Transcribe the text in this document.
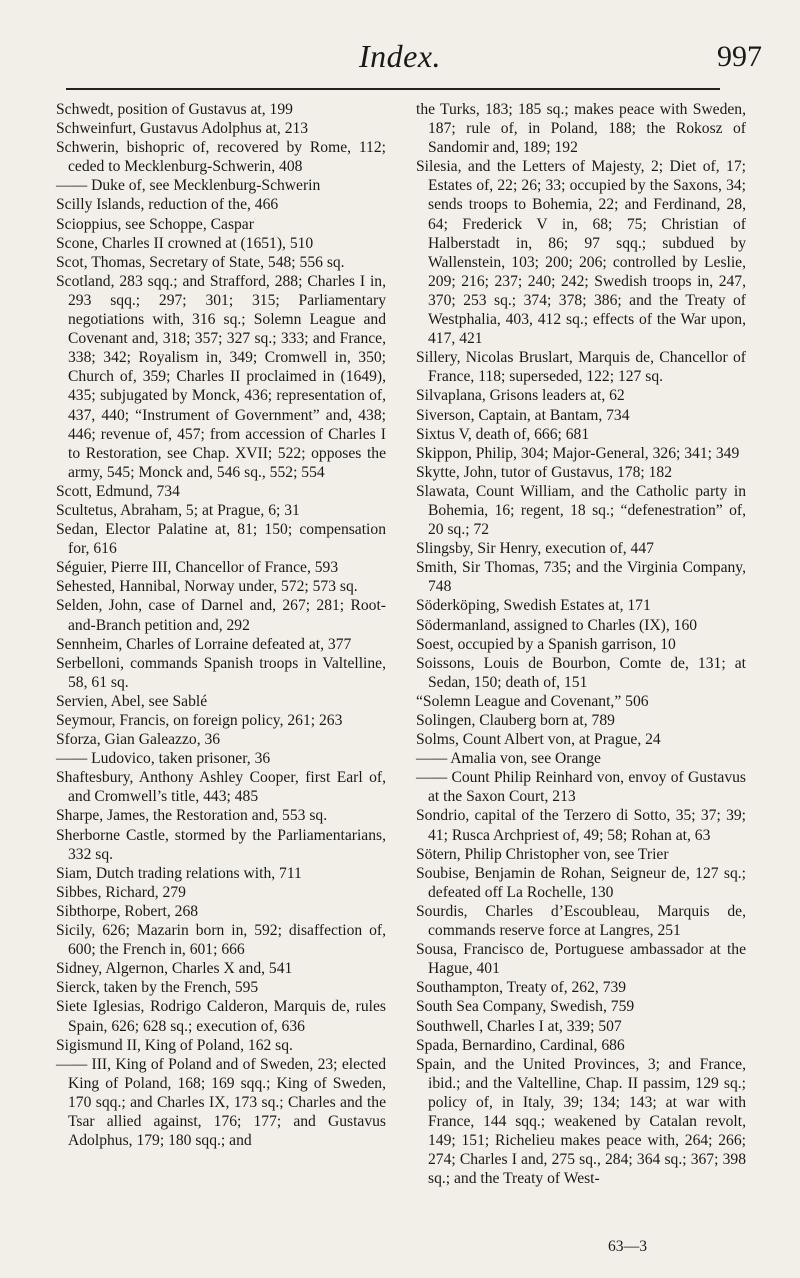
Index.	997
Schwedt, position of Gustavus at, 199
Schweinfurt, Gustavus Adolphus at, 213
Schwerin, bishopric of, recovered by Rome, 112; ceded to Mecklenburg-Schwerin, 408
—— Duke of, see Mecklenburg-Schwerin
Scilly Islands, reduction of the, 466
Scioppius, see Schoppe, Caspar
Scone, Charles II crowned at (1651), 510
Scot, Thomas, Secretary of State, 548; 556 sq.
Scotland, 283 sqq.; and Strafford, 288; Charles I in, 293 sqq.; 297; 301; 315; Parliamentary negotiations with, 316 sq.; Solemn League and Covenant and, 318; 357; 327 sq.; 333; and France, 338; 342; Royalism in, 349; Cromwell in, 350; Church of, 359; Charles II proclaimed in (1649), 435; subjugated by Monck, 436; representation of, 437, 440; “Instrument of Government” and, 438; 446; revenue of, 457; from accession of Charles I to Restoration, see Chap. XVII; 522; opposes the army, 545; Monck and, 546 sq., 552; 554
Scott, Edmund, 734
Scultetus, Abraham, 5; at Prague, 6; 31
Sedan, Elector Palatine at, 81; 150; compensation for, 616
Séguier, Pierre III, Chancellor of France, 593
Sehested, Hannibal, Norway under, 572; 573 sq.
Selden, John, case of Darnel and, 267; 281; Root-and-Branch petition and, 292
Sennheim, Charles of Lorraine defeated at, 377
Serbelloni, commands Spanish troops in Valtelline, 58, 61 sq.
Servien, Abel, see Sablé
Seymour, Francis, on foreign policy, 261; 263
Sforza, Gian Galeazzo, 36
—— Ludovico, taken prisoner, 36
Shaftesbury, Anthony Ashley Cooper, first Earl of, and Cromwell’s title, 443; 485
Sharpe, James, the Restoration and, 553 sq.
Sherborne Castle, stormed by the Parliamentarians, 332 sq.
Siam, Dutch trading relations with, 711
Sibbes, Richard, 279
Sibthorpe, Robert, 268
Sicily, 626; Mazarin born in, 592; disaffection of, 600; the French in, 601; 666
Sidney, Algernon, Charles X and, 541
Sierck, taken by the French, 595
Siete Iglesias, Rodrigo Calderon, Marquis de, rules Spain, 626; 628 sq.; execution of, 636
Sigismund II, King of Poland, 162 sq.
—— III, King of Poland and of Sweden, 23; elected King of Poland, 168; 169 sqq.; King of Sweden, 170 sqq.; and Charles IX, 173 sq.; Charles and the Tsar allied against, 176; 177; and Gustavus Adolphus, 179; 180 sqq.; and
the Turks, 183; 185 sq.; makes peace with Sweden, 187; rule of, in Poland, 188; the Rokosz of Sandomir and, 189; 192
Silesia, and the Letters of Majesty, 2; Diet of, 17; Estates of, 22; 26; 33; occupied by the Saxons, 34; sends troops to Bohemia, 22; and Ferdinand, 28, 64; Frederick V in, 68; 75; Christian of Halberstadt in, 86; 97 sqq.; subdued by Wallenstein, 103; 200; 206; controlled by Leslie, 209; 216; 237; 240; 242; Swedish troops in, 247, 370; 253 sq.; 374; 378; 386; and the Treaty of Westphalia, 403, 412 sq.; effects of the War upon, 417, 421
Sillery, Nicolas Bruslart, Marquis de, Chancellor of France, 118; superseded, 122; 127 sq.
Silvaplana, Grisons leaders at, 62
Siverson, Captain, at Bantam, 734
Sixtus V, death of, 666; 681
Skippon, Philip, 304; Major-General, 326; 341; 349
Skytte, John, tutor of Gustavus, 178; 182
Slawata, Count William, and the Catholic party in Bohemia, 16; regent, 18 sq.; “defenestration” of, 20 sq.; 72
Slingsby, Sir Henry, execution of, 447
Smith, Sir Thomas, 735; and the Virginia Company, 748
Söderköping, Swedish Estates at, 171
Södermanland, assigned to Charles (IX), 160
Soest, occupied by a Spanish garrison, 10
Soissons, Louis de Bourbon, Comte de, 131; at Sedan, 150; death of, 151
“Solemn League and Covenant,” 506
Solingen, Clauberg born at, 789
Solms, Count Albert von, at Prague, 24
—— Amalia von, see Orange
—— Count Philip Reinhard von, envoy of Gustavus at the Saxon Court, 213
Sondrio, capital of the Terzero di Sotto, 35; 37; 39; 41; Rusca Archpriest of, 49; 58; Rohan at, 63
Sötern, Philip Christopher von, see Trier
Soubise, Benjamin de Rohan, Seigneur de, 127 sq.; defeated off La Rochelle, 130
Sourdis, Charles d’Escoubleau, Marquis de, commands reserve force at Langres, 251
Sousa, Francisco de, Portuguese ambassador at the Hague, 401
Southampton, Treaty of, 262, 739
South Sea Company, Swedish, 759
Southwell, Charles I at, 339; 507
Spada, Bernardino, Cardinal, 686
Spain, and the United Provinces, 3; and France, ibid.; and the Valtelline, Chap. II passim, 129 sq.; policy of, in Italy, 39; 134; 143; at war with France, 144 sqq.; weakened by Catalan revolt, 149; 151; Richelieu makes peace with, 264; 266; 274; Charles I and, 275 sq., 284; 364 sq.; 367; 398 sq.; and the Treaty of West-
63—3
